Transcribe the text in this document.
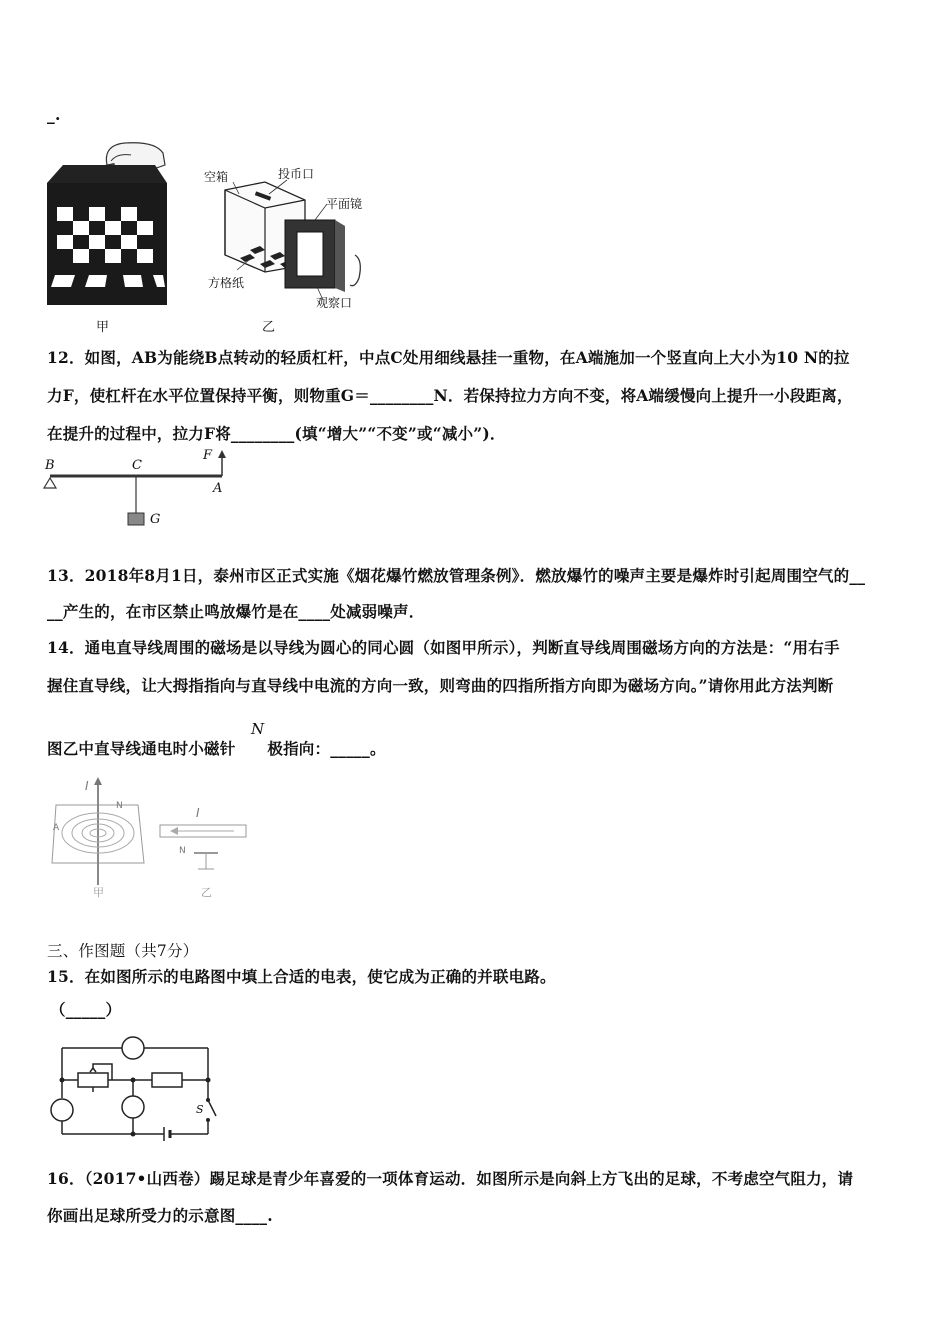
_.
甲
空箱	投币口
平面镜
方格纸
观察口
乙
12．如图，AB为能绕B点转动的轻质杠杆，中点C处用细线悬挂一重物，在A端施加一个竖直向上大小为10 N的拉
力F，使杠杆在水平位置保持平衡，则物重G＝________N．若保持拉力方向不变，将A端缓慢向上提升一小段距离，
在提升的过程中，拉力F将________(填“增大”“不变”或“减小”)．
B	C
F
A
G
13．2018年8月1日，泰州市区正式实施《烟花爆竹燃放管理条例》．燃放爆竹的噪声主要是爆炸时引起周围空气的__
__产生的，在市区禁止鸣放爆竹是在____处减弱噪声．
14．通电直导线周围的磁场是以导线为圆心的同心圆（如图甲所示），判断直导线周围磁场方向的方法是：“用右手
握住直导线，让大拇指指向与直导线中电流的方向一致，则弯曲的四指所指方向即为磁场方向。”请你用此方法判断
图乙中直导线通电时小磁针 极指向：_____。
N
I
N
A
I
N
甲	乙
三、作图题（共7分）
15．在如图所示的电路图中填上合适的电表，使它成为正确的并联电路。
（_____）
S
16．（2017•山西卷）踢足球是青少年喜爱的一项体育运动．如图所示是向斜上方飞出的足球，不考虑空气阻力，请
你画出足球所受力的示意图____.
